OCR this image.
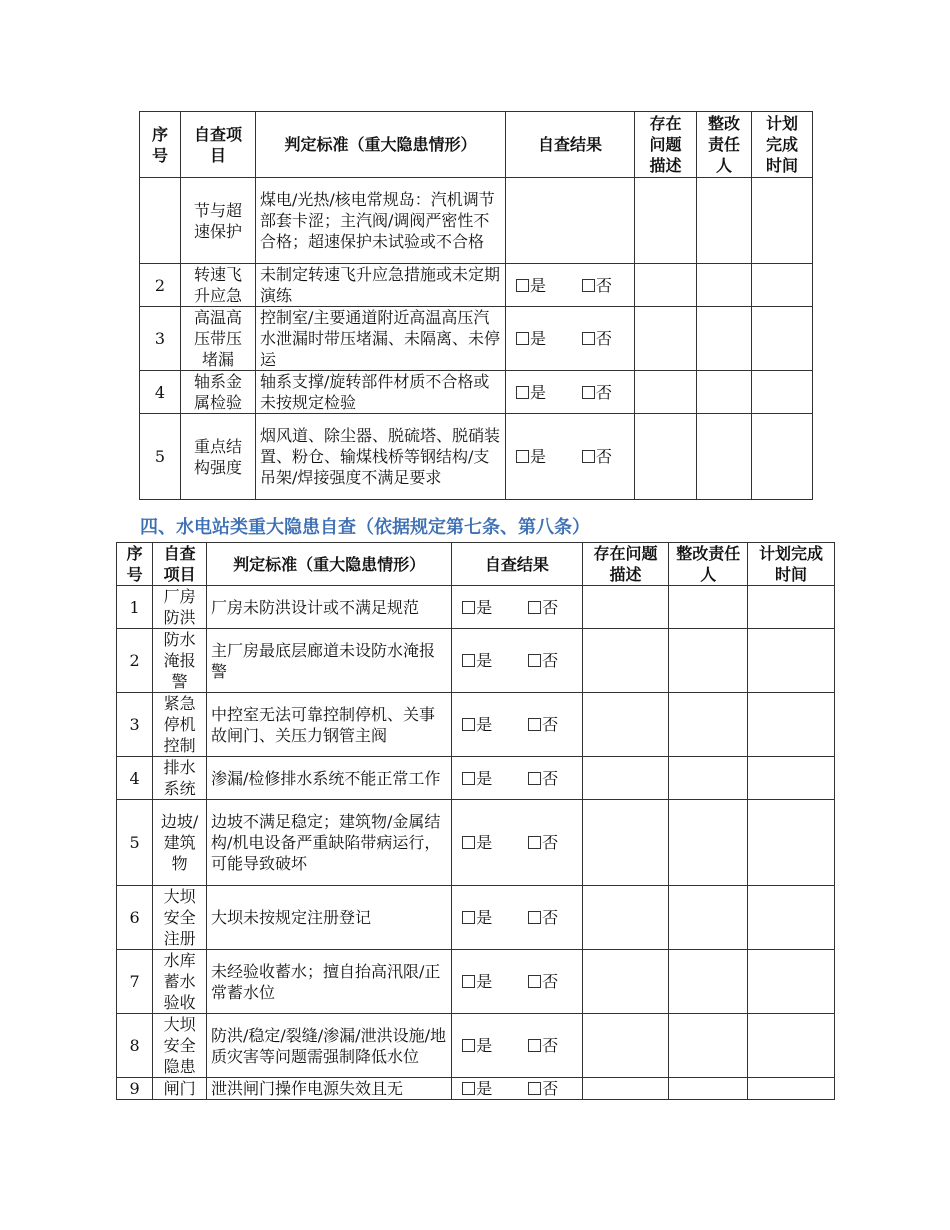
序号	自查项目	判定标准（重大隐患情形）	自查结果	存在问题描述	整改责任人	计划完成时间
	节与超速保护	煤电/光热/核电常规岛：汽机调节部套卡涩；主汽阀/调阀严密性不合格；超速保护未试验或不合格				
2	转速飞升应急	未制定转速飞升应急措施或未定期演练	是 否			
3	高温高压带压堵漏	控制室/主要通道附近高温高压汽水泄漏时带压堵漏、未隔离、未停运	是 否			
4	轴系金属检验	轴系支撑/旋转部件材质不合格或未按规定检验	是 否			
5	重点结构强度	烟风道、除尘器、脱硫塔、脱硝装置、粉仓、输煤栈桥等钢结构/支吊架/焊接强度不满足要求	是 否			
四、水电站类重大隐患自查（依据规定第七条、第八条）
序号	自查项目	判定标准（重大隐患情形）	自查结果	存在问题描述	整改责任人	计划完成时间
1	厂房防洪	厂房未防洪设计或不满足规范	是 否			
2	防水淹报警	主厂房最底层廊道未设防水淹报警	是 否			
3	紧急停机控制	中控室无法可靠控制停机、关事故闸门、关压力钢管主阀	是 否			
4	排水系统	渗漏/检修排水系统不能正常工作	是 否			
5	边坡/建筑物	边坡不满足稳定；建筑物/金属结构/机电设备严重缺陷带病运行，可能导致破坏	是 否			
6	大坝安全注册	大坝未按规定注册登记	是 否			
7	水库蓄水验收	未经验收蓄水；擅自抬高汛限/正常蓄水位	是 否			
8	大坝安全隐患	防洪/稳定/裂缝/渗漏/泄洪设施/地质灾害等问题需强制降低水位	是 否			
9	闸门	泄洪闸门操作电源失效且无	是 否			
